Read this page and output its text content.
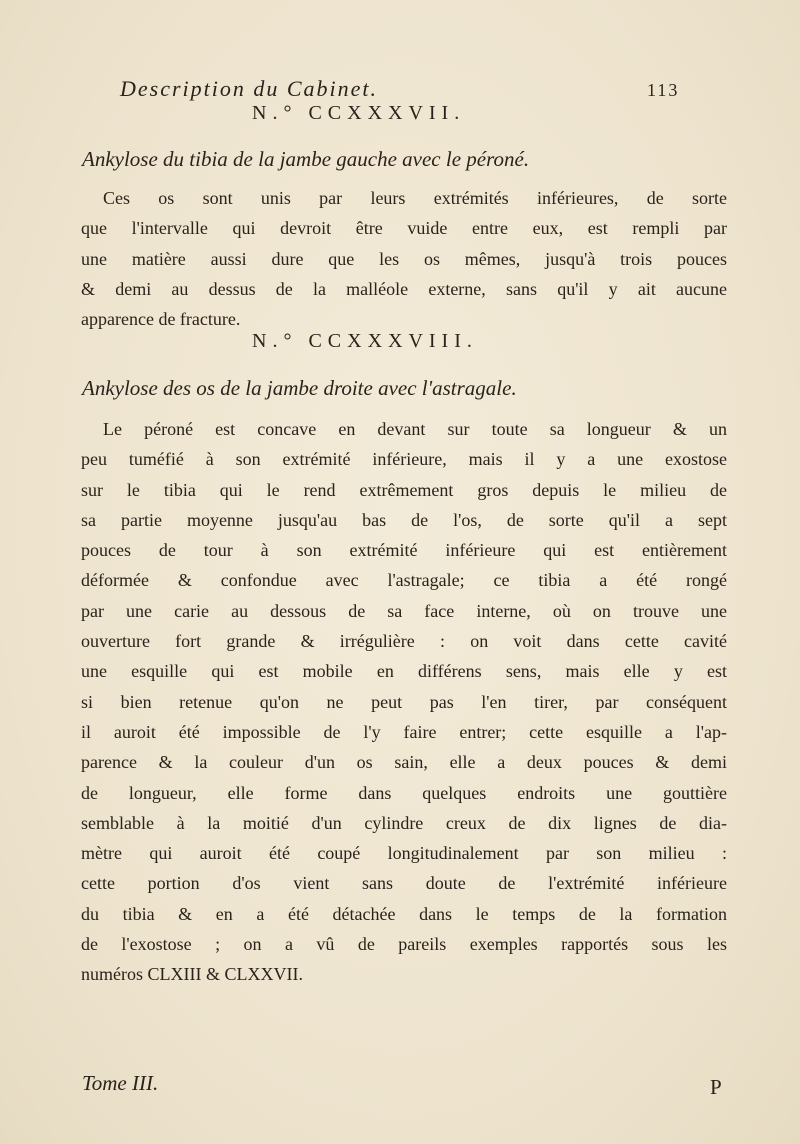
Description du Cabinet.	113
N.° CCXXXVII.
Ankylose du tibia de la jambe gauche avec le péroné.
Ces os sont unis par leurs extrémités inférieures, de sorte
que l'intervalle qui devroit être vuide entre eux, est rempli par
une matière aussi dure que les os mêmes, jusqu'à trois pouces
& demi au dessus de la malléole externe, sans qu'il y ait aucune
apparence de fracture.
N.° CCXXXVIII.
Ankylose des os de la jambe droite avec l'astragale.
Le péroné est concave en devant sur toute sa longueur & un
peu tuméfié à son extrémité inférieure, mais il y a une exostose
sur le tibia qui le rend extrêmement gros depuis le milieu de
sa partie moyenne jusqu'au bas de l'os, de sorte qu'il a sept
pouces de tour à son extrémité inférieure qui est entièrement
déformée & confondue avec l'astragale; ce tibia a été rongé
par une carie au dessous de sa face interne, où on trouve une
ouverture fort grande & irrégulière : on voit dans cette cavité
une esquille qui est mobile en différens sens, mais elle y est
si bien retenue qu'on ne peut pas l'en tirer, par conséquent
il auroit été impossible de l'y faire entrer; cette esquille a l'ap-
parence & la couleur d'un os sain, elle a deux pouces & demi
de longueur, elle forme dans quelques endroits une gouttière
semblable à la moitié d'un cylindre creux de dix lignes de dia-
mètre qui auroit été coupé longitudinalement par son milieu :
cette portion d'os vient sans doute de l'extrémité inférieure
du tibia & en a été détachée dans le temps de la formation
de l'exostose ; on a vû de pareils exemples rapportés sous les
numéros CLXIII & CLXXVII.
Tome III.	P
